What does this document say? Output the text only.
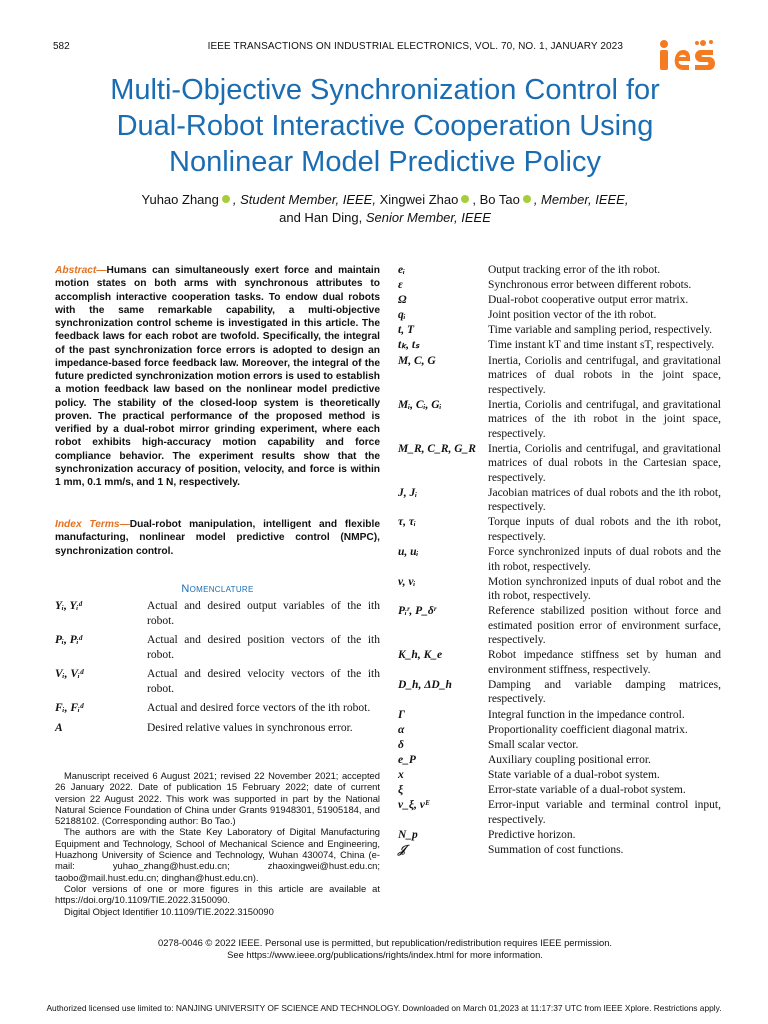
582	IEEE TRANSACTIONS ON INDUSTRIAL ELECTRONICS, VOL. 70, NO. 1, JANUARY 2023
Multi-Objective Synchronization Control for
Dual-Robot Interactive Cooperation Using
Nonlinear Model Predictive Policy
Yuhao Zhang , Student Member, IEEE, Xingwei Zhao , Bo Tao , Member, IEEE,
and Han Ding, Senior Member, IEEE
Abstract—Humans can simultaneously exert force and maintain motion states on both arms with synchronous attributes to accomplish interactive cooperation tasks. To endow dual robots with the same remarkable capability, a multi-objective synchronization control scheme is investigated in this article. The feedback laws for each robot are twofold. Specifically, the integral of the past synchronization force errors is adopted to design an impedance-based force feedback law. Moreover, the integral of the future predicted synchronization motion errors is used to establish a motion feedback law based on the nonlinear model predictive policy. The stability of the closed-loop system is theoretically proven. The practical performance of the proposed method is verified by a dual-robot mirror grinding experiment, where each robot exhibits high-accuracy motion capability and force compliance behavior. The experiment results show that the synchronization accuracy of position, velocity, and force is within 1 mm, 0.1 mm/s, and 1 N, respectively.
Index Terms—Dual-robot manipulation, intelligent and flexible manufacturing, nonlinear model predictive control (NMPC), synchronization control.
Nomenclature
Yᵢ, Yᵢᵈ	Actual and desired output variables of the ith robot.
Pᵢ, Pᵢᵈ	Actual and desired position vectors of the ith robot.
Vᵢ, Vᵢᵈ	Actual and desired velocity vectors of the ith robot.
Fᵢ, Fᵢᵈ	Actual and desired force vectors of the ith robot.
A	Desired relative values in synchronous error.

Manuscript received 6 August 2021; revised 22 November 2021; accepted 26 January 2022. Date of publication 15 February 2022; date of current version 22 August 2022. This work was supported in part by the National Natural Science Foundation of China under Grants 91948301, 51905184, and 52188102. (Corresponding author: Bo Tao.)

The authors are with the State Key Laboratory of Digital Manufacturing Equipment and Technology, School of Mechanical Science and Engineering, Huazhong University of Science and Technology, Wuhan 430074, China (e-mail: yuhao_zhang@hust.edu.cn; zhaoxingwei@hust.edu.cn; taobo@mail.hust.edu.cn; dinghan@hust.edu.cn).

Color versions of one or more figures in this article are available at https://doi.org/10.1109/TIE.2022.3150090.

Digital Object Identifier 10.1109/TIE.2022.3150090

eᵢ	Output tracking error of the ith robot.
ε	Synchronous error between different robots.
Ω	Dual-robot cooperative output error matrix.
qᵢ	Joint position vector of the ith robot.
t, T	Time variable and sampling period, respectively.
tₖ, tₛ	Time instant kT and time instant sT, respectively.
M, C, G	Inertia, Coriolis and centrifugal, and gravitational matrices of dual robots in the joint space, respectively.
Mᵢ, Cᵢ, Gᵢ	Inertia, Coriolis and centrifugal, and gravitational matrices of the ith robot in the joint space, respectively.
M_R, C_R, G_R	Inertia, Coriolis and centrifugal, and gravitational matrices of dual robots in the Cartesian space, respectively.
J, Jᵢ	Jacobian matrices of dual robots and the ith robot, respectively.
τ, τᵢ	Torque inputs of dual robots and the ith robot, respectively.
u, uᵢ	Force synchronized inputs of dual robots and the ith robot, respectively.
v, vᵢ	Motion synchronized inputs of dual robot and the ith robot, respectively.
Pᵢʳ, P_δʳ	Reference stabilized position without force and estimated position error of environment surface, respectively.
K_h, K_e	Robot impedance stiffness set by human and environment stiffness, respectively.
D_h, ΔD_h	Damping and variable damping matrices, respectively.
Γ	Integral function in the impedance control.
α	Proportionality coefficient diagonal matrix.
δ	Small scalar vector.
e_P	Auxiliary coupling positional error.
x	State variable of a dual-robot system.
ξ	Error-state variable of a dual-robot system.
v_ξ, vᴱ	Error-input variable and terminal control input, respectively.
N_p	Predictive horizon.
𝒥	Summation of cost functions.
0278-0046 © 2022 IEEE. Personal use is permitted, but republication/redistribution requires IEEE permission.
See https://www.ieee.org/publications/rights/index.html for more information.
Authorized licensed use limited to: NANJING UNIVERSITY OF SCIENCE AND TECHNOLOGY. Downloaded on March 01,2023 at 11:17:37 UTC from IEEE Xplore. Restrictions apply.
